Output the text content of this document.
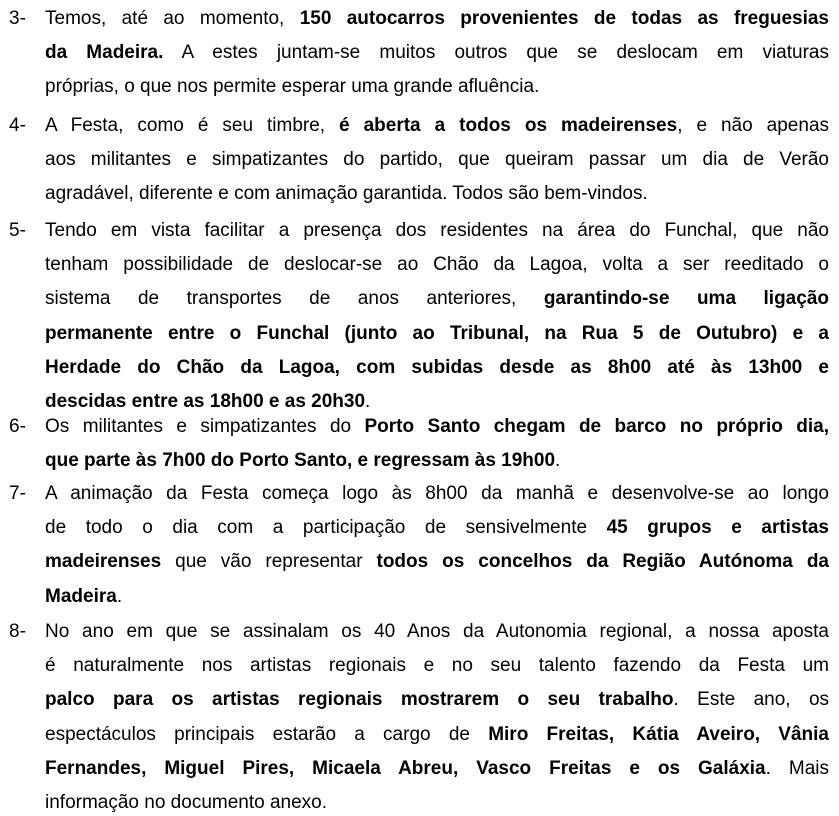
3- Temos, até ao momento, 150 autocarros provenientes de todas as freguesias
da Madeira. A estes juntam-se muitos outros que se deslocam em viaturas
próprias, o que nos permite esperar uma grande afluência.
4- A Festa, como é seu timbre, é aberta a todos os madeirenses, e não apenas
aos militantes e simpatizantes do partido, que queiram passar um dia de Verão
agradável, diferente e com animação garantida. Todos são bem-vindos.
5- Tendo em vista facilitar a presença dos residentes na área do Funchal, que não
tenham possibilidade de deslocar-se ao Chão da Lagoa, volta a ser reeditado o
sistema de transportes de anos anteriores, garantindo-se uma ligação
permanente entre o Funchal (junto ao Tribunal, na Rua 5 de Outubro) e a
Herdade do Chão da Lagoa, com subidas desde as 8h00 até às 13h00 e
descidas entre as 18h00 e as 20h30.
6- Os militantes e simpatizantes do Porto Santo chegam de barco no próprio dia,
que parte às 7h00 do Porto Santo, e regressam às 19h00.
7- A animação da Festa começa logo às 8h00 da manhã e desenvolve-se ao longo
de todo o dia com a participação de sensivelmente 45 grupos e artistas
madeirenses que vão representar todos os concelhos da Região Autónoma da
Madeira.
8- No ano em que se assinalam os 40 Anos da Autonomia regional, a nossa aposta
é naturalmente nos artistas regionais e no seu talento fazendo da Festa um
palco para os artistas regionais mostrarem o seu trabalho. Este ano, os
espectáculos principais estarão a cargo de Miro Freitas, Kátia Aveiro, Vânia
Fernandes, Miguel Pires, Micaela Abreu, Vasco Freitas e os Galáxia. Mais
informação no documento anexo.
